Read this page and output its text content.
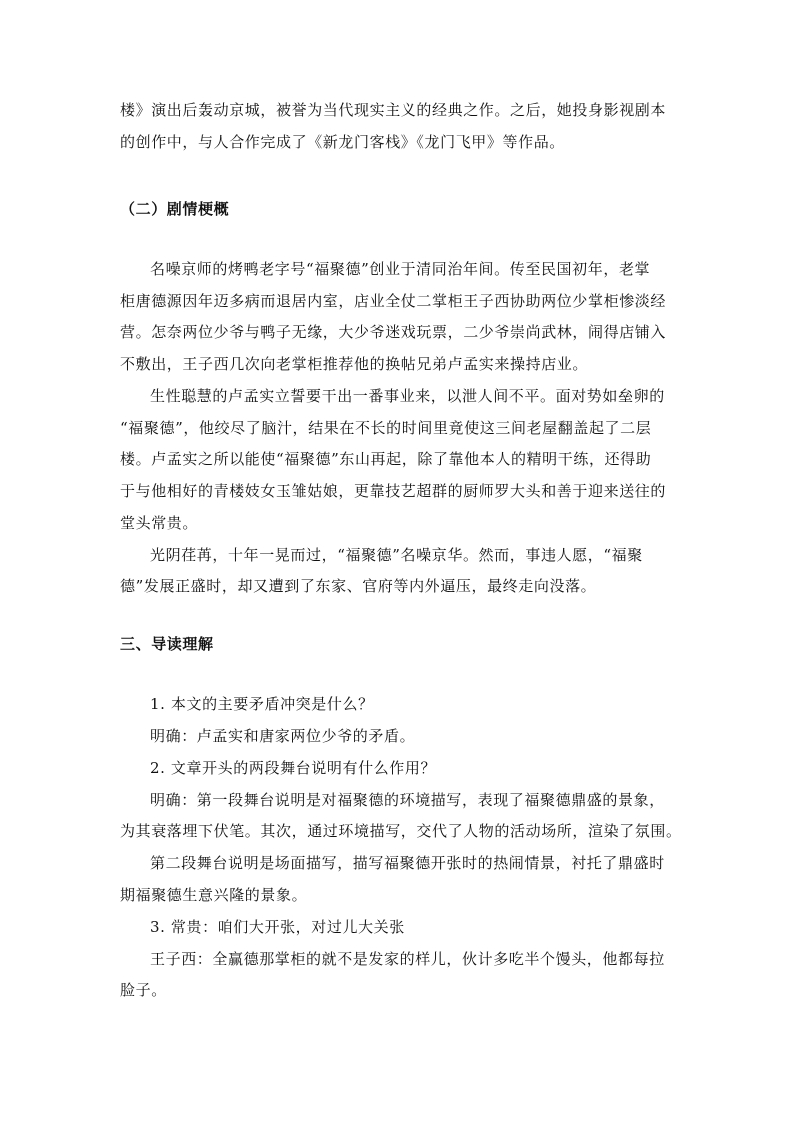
楼》演出后轰动京城，被誉为当代现实主义的经典之作。之后，她投身影视剧本
的创作中，与人合作完成了《新龙门客栈》《龙门飞甲》等作品。
（二）剧情梗概
名噪京师的烤鸭老字号“福聚德”创业于清同治年间。传至民国初年，老掌
柜唐德源因年迈多病而退居内室，店业全仗二掌柜王子西协助两位少掌柜惨淡经
营。怎奈两位少爷与鸭子无缘，大少爷迷戏玩票，二少爷崇尚武林，闹得店铺入
不敷出，王子西几次向老掌柜推荐他的换帖兄弟卢孟实来操持店业。
生性聪慧的卢孟实立誓要干出一番事业来，以泄人间不平。面对势如垒卵的
“福聚德”，他绞尽了脑汁，结果在不长的时间里竟使这三间老屋翻盖起了二层
楼。卢孟实之所以能使“福聚德”东山再起，除了靠他本人的精明干练，还得助
于与他相好的青楼妓女玉雏姑娘，更靠技艺超群的厨师罗大头和善于迎来送往的
堂头常贵。
光阴荏苒，十年一晃而过，“福聚德”名噪京华。然而，事违人愿，“福聚
德”发展正盛时，却又遭到了东家、官府等内外逼压，最终走向没落。
三、导读理解
1. 本文的主要矛盾冲突是什么？
明确：卢孟实和唐家两位少爷的矛盾。
2. 文章开头的两段舞台说明有什么作用？
明确：第一段舞台说明是对福聚德的环境描写，表现了福聚德鼎盛的景象，
为其衰落埋下伏笔。其次，通过环境描写，交代了人物的活动场所，渲染了氛围。
第二段舞台说明是场面描写，描写福聚德开张时的热闹情景，衬托了鼎盛时
期福聚德生意兴隆的景象。
3. 常贵：咱们大开张，对过儿大关张
王子西：全赢德那掌柜的就不是发家的样儿，伙计多吃半个馒头，他都每拉
脸子。
